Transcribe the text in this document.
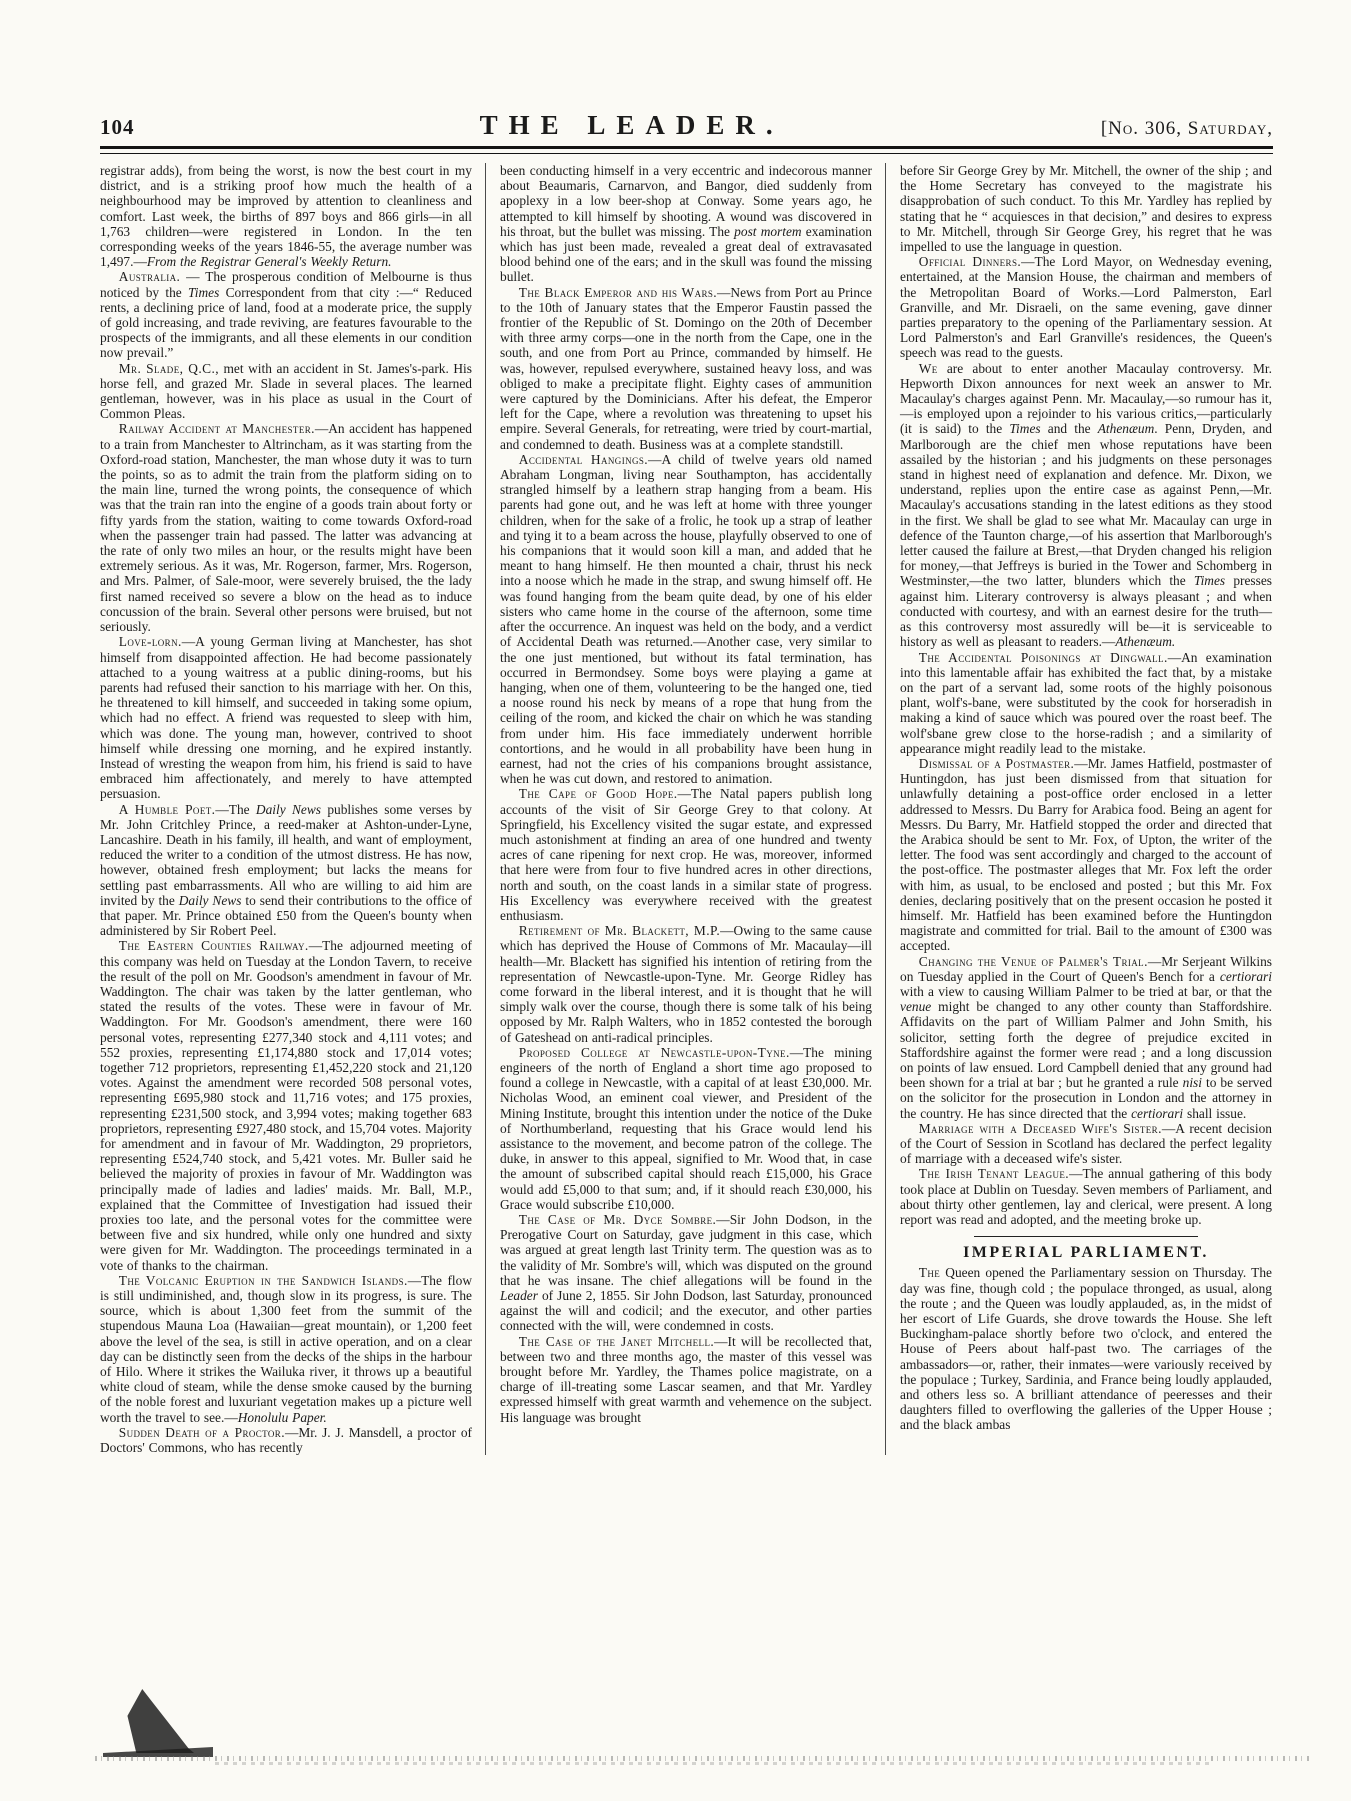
104	THE LEADER.	[No. 306, Saturday,

registrar adds), from being the worst, is now the best court in my district, and is a striking proof how much the health of a neighbourhood may be improved by attention to cleanliness and comfort. Last week, the births of 897 boys and 866 girls—in all 1,763 children—were registered in London. In the ten corresponding weeks of the years 1846-55, the average number was 1,497.—From the Registrar General's Weekly Return.

Australia. — The prosperous condition of Melbourne is thus noticed by the Times Correspondent from that city :—“ Reduced rents, a declining price of land, food at a moderate price, the supply of gold increasing, and trade reviving, are features favourable to the prospects of the immigrants, and all these elements in our condition now prevail.”

Mr. Slade, Q.C., met with an accident in St. James's-park. His horse fell, and grazed Mr. Slade in several places. The learned gentleman, however, was in his place as usual in the Court of Common Pleas.

Railway Accident at Manchester.—An accident has happened to a train from Manchester to Altrincham, as it was starting from the Oxford-road station, Manchester, the man whose duty it was to turn the points, so as to admit the train from the platform siding on to the main line, turned the wrong points, the consequence of which was that the train ran into the engine of a goods train about forty or fifty yards from the station, waiting to come towards Oxford-road when the passenger train had passed. The latter was advancing at the rate of only two miles an hour, or the results might have been extremely serious. As it was, Mr. Rogerson, farmer, Mrs. Rogerson, and Mrs. Palmer, of Sale-moor, were severely bruised, the the lady first named received so severe a blow on the head as to induce concussion of the brain. Several other persons were bruised, but not seriously.

Love-lorn.—A young German living at Manchester, has shot himself from disappointed affection. He had become passionately attached to a young waitress at a public dining-rooms, but his parents had refused their sanction to his marriage with her. On this, he threatened to kill himself, and succeeded in taking some opium, which had no effect. A friend was requested to sleep with him, which was done. The young man, however, contrived to shoot himself while dressing one morning, and he expired instantly. Instead of wresting the weapon from him, his friend is said to have embraced him affectionately, and merely to have attempted persuasion.

A Humble Poet.—The Daily News publishes some verses by Mr. John Critchley Prince, a reed-maker at Ashton-under-Lyne, Lancashire. Death in his family, ill health, and want of employment, reduced the writer to a condition of the utmost distress. He has now, however, obtained fresh employment; but lacks the means for settling past embarrassments. All who are willing to aid him are invited by the Daily News to send their contributions to the office of that paper. Mr. Prince obtained £50 from the Queen's bounty when administered by Sir Robert Peel.

The Eastern Counties Railway.—The adjourned meeting of this company was held on Tuesday at the London Tavern, to receive the result of the poll on Mr. Goodson's amendment in favour of Mr. Waddington. The chair was taken by the latter gentleman, who stated the results of the votes. These were in favour of Mr. Waddington. For Mr. Goodson's amendment, there were 160 personal votes, representing £277,340 stock and 4,111 votes; and 552 proxies, representing £1,174,880 stock and 17,014 votes; together 712 proprietors, representing £1,452,220 stock and 21,120 votes. Against the amendment were recorded 508 personal votes, representing £695,980 stock and 11,716 votes; and 175 proxies, representing £231,500 stock, and 3,994 votes; making together 683 proprietors, representing £927,480 stock, and 15,704 votes. Majority for amendment and in favour of Mr. Waddington, 29 proprietors, representing £524,740 stock, and 5,421 votes. Mr. Buller said he believed the majority of proxies in favour of Mr. Waddington was principally made of ladies and ladies' maids. Mr. Ball, M.P., explained that the Committee of Investigation had issued their proxies too late, and the personal votes for the committee were between five and six hundred, while only one hundred and sixty were given for Mr. Waddington. The proceedings terminated in a vote of thanks to the chairman.

The Volcanic Eruption in the Sandwich Islands.—The flow is still undiminished, and, though slow in its progress, is sure. The source, which is about 1,300 feet from the summit of the stupendous Mauna Loa (Hawaiian—great mountain), or 1,200 feet above the level of the sea, is still in active operation, and on a clear day can be distinctly seen from the decks of the ships in the harbour of Hilo. Where it strikes the Wailuka river, it throws up a beautiful white cloud of steam, while the dense smoke caused by the burning of the noble forest and luxuriant vegetation makes up a picture well worth the travel to see.—Honolulu Paper.

Sudden Death of a Proctor.—Mr. J. J. Mansdell, a proctor of Doctors' Commons, who has recently

been conducting himself in a very eccentric and indecorous manner about Beaumaris, Carnarvon, and Bangor, died suddenly from apoplexy in a low beer-shop at Conway. Some years ago, he attempted to kill himself by shooting. A wound was discovered in his throat, but the bullet was missing. The post mortem examination which has just been made, revealed a great deal of extravasated blood behind one of the ears; and in the skull was found the missing bullet.

The Black Emperor and his Wars.—News from Port au Prince to the 10th of January states that the Emperor Faustin passed the frontier of the Republic of St. Domingo on the 20th of December with three army corps—one in the north from the Cape, one in the south, and one from Port au Prince, commanded by himself. He was, however, repulsed everywhere, sustained heavy loss, and was obliged to make a precipitate flight. Eighty cases of ammunition were captured by the Dominicians. After his defeat, the Emperor left for the Cape, where a revolution was threatening to upset his empire. Several Generals, for retreating, were tried by court-martial, and condemned to death. Business was at a complete standstill.

Accidental Hangings.—A child of twelve years old named Abraham Longman, living near Southampton, has accidentally strangled himself by a leathern strap hanging from a beam. His parents had gone out, and he was left at home with three younger children, when for the sake of a frolic, he took up a strap of leather and tying it to a beam across the house, playfully observed to one of his companions that it would soon kill a man, and added that he meant to hang himself. He then mounted a chair, thrust his neck into a noose which he made in the strap, and swung himself off. He was found hanging from the beam quite dead, by one of his elder sisters who came home in the course of the afternoon, some time after the occurrence. An inquest was held on the body, and a verdict of Accidental Death was returned.—Another case, very similar to the one just mentioned, but without its fatal termination, has occurred in Bermondsey. Some boys were playing a game at hanging, when one of them, volunteering to be the hanged one, tied a noose round his neck by means of a rope that hung from the ceiling of the room, and kicked the chair on which he was standing from under him. His face immediately underwent horrible contortions, and he would in all probability have been hung in earnest, had not the cries of his companions brought assistance, when he was cut down, and restored to animation.

The Cape of Good Hope.—The Natal papers publish long accounts of the visit of Sir George Grey to that colony. At Springfield, his Excellency visited the sugar estate, and expressed much astonishment at finding an area of one hundred and twenty acres of cane ripening for next crop. He was, moreover, informed that here were from four to five hundred acres in other directions, north and south, on the coast lands in a similar state of progress. His Excellency was everywhere received with the greatest enthusiasm.

Retirement of Mr. Blackett, M.P.—Owing to the same cause which has deprived the House of Commons of Mr. Macaulay—ill health—Mr. Blackett has signified his intention of retiring from the representation of Newcastle-upon-Tyne. Mr. George Ridley has come forward in the liberal interest, and it is thought that he will simply walk over the course, though there is some talk of his being opposed by Mr. Ralph Walters, who in 1852 contested the borough of Gateshead on anti-radical principles.

Proposed College at Newcastle-upon-Tyne.—The mining engineers of the north of England a short time ago proposed to found a college in Newcastle, with a capital of at least £30,000. Mr. Nicholas Wood, an eminent coal viewer, and President of the Mining Institute, brought this intention under the notice of the Duke of Northumberland, requesting that his Grace would lend his assistance to the movement, and become patron of the college. The duke, in answer to this appeal, signified to Mr. Wood that, in case the amount of subscribed capital should reach £15,000, his Grace would add £5,000 to that sum; and, if it should reach £30,000, his Grace would subscribe £10,000.

The Case of Mr. Dyce Sombre.—Sir John Dodson, in the Prerogative Court on Saturday, gave judgment in this case, which was argued at great length last Trinity term. The question was as to the validity of Mr. Sombre's will, which was disputed on the ground that he was insane. The chief allegations will be found in the Leader of June 2, 1855. Sir John Dodson, last Saturday, pronounced against the will and codicil; and the executor, and other parties connected with the will, were condemned in costs.

The Case of the Janet Mitchell.—It will be recollected that, between two and three months ago, the master of this vessel was brought before Mr. Yardley, the Thames police magistrate, on a charge of ill-treating some Lascar seamen, and that Mr. Yardley expressed himself with great warmth and vehemence on the subject. His language was brought

before Sir George Grey by Mr. Mitchell, the owner of the ship ; and the Home Secretary has conveyed to the magistrate his disapprobation of such conduct. To this Mr. Yardley has replied by stating that he “ acquiesces in that decision,” and desires to express to Mr. Mitchell, through Sir George Grey, his regret that he was impelled to use the language in question.

Official Dinners.—The Lord Mayor, on Wednesday evening, entertained, at the Mansion House, the chairman and members of the Metropolitan Board of Works.—Lord Palmerston, Earl Granville, and Mr. Disraeli, on the same evening, gave dinner parties preparatory to the opening of the Parliamentary session. At Lord Palmerston's and Earl Granville's residences, the Queen's speech was read to the guests.

We are about to enter another Macaulay controversy. Mr. Hepworth Dixon announces for next week an answer to Mr. Macaulay's charges against Penn. Mr. Macaulay,—so rumour has it,—is employed upon a rejoinder to his various critics,—particularly (it is said) to the Times and the Athenæum. Penn, Dryden, and Marlborough are the chief men whose reputations have been assailed by the historian ; and his judgments on these personages stand in highest need of explanation and defence. Mr. Dixon, we understand, replies upon the entire case as against Penn,—Mr. Macaulay's accusations standing in the latest editions as they stood in the first. We shall be glad to see what Mr. Macaulay can urge in defence of the Taunton charge,—of his assertion that Marlborough's letter caused the failure at Brest,—that Dryden changed his religion for money,—that Jeffreys is buried in the Tower and Schomberg in Westminster,—the two latter, blunders which the Times presses against him. Literary controversy is always pleasant ; and when conducted with courtesy, and with an earnest desire for the truth—as this controversy most assuredly will be—it is serviceable to history as well as pleasant to readers.—Athenæum.

The Accidental Poisonings at Dingwall.—An examination into this lamentable affair has exhibited the fact that, by a mistake on the part of a servant lad, some roots of the highly poisonous plant, wolf's-bane, were substituted by the cook for horseradish in making a kind of sauce which was poured over the roast beef. The wolf'sbane grew close to the horse-radish ; and a similarity of appearance might readily lead to the mistake.

Dismissal of a Postmaster.—Mr. James Hatfield, postmaster of Huntingdon, has just been dismissed from that situation for unlawfully detaining a post-office order enclosed in a letter addressed to Messrs. Du Barry for Arabica food. Being an agent for Messrs. Du Barry, Mr. Hatfield stopped the order and directed that the Arabica should be sent to Mr. Fox, of Upton, the writer of the letter. The food was sent accordingly and charged to the account of the post-office. The postmaster alleges that Mr. Fox left the order with him, as usual, to be enclosed and posted ; but this Mr. Fox denies, declaring positively that on the present occasion he posted it himself. Mr. Hatfield has been examined before the Huntingdon magistrate and committed for trial. Bail to the amount of £300 was accepted.

Changing the Venue of Palmer's Trial.—Mr Serjeant Wilkins on Tuesday applied in the Court of Queen's Bench for a certiorari with a view to causing William Palmer to be tried at bar, or that the venue might be changed to any other county than Staffordshire. Affidavits on the part of William Palmer and John Smith, his solicitor, setting forth the degree of prejudice excited in Staffordshire against the former were read ; and a long discussion on points of law ensued. Lord Campbell denied that any ground had been shown for a trial at bar ; but he granted a rule nisi to be served on the solicitor for the prosecution in London and the attorney in the country. He has since directed that the certiorari shall issue.

Marriage with a Deceased Wife's Sister.—A recent decision of the Court of Session in Scotland has declared the perfect legality of marriage with a deceased wife's sister.

The Irish Tenant League.—The annual gathering of this body took place at Dublin on Tuesday. Seven members of Parliament, and about thirty other gentlemen, lay and clerical, were present. A long report was read and adopted, and the meeting broke up.

IMPERIAL PARLIAMENT.

The Queen opened the Parliamentary session on Thursday. The day was fine, though cold ; the populace thronged, as usual, along the route ; and the Queen was loudly applauded, as, in the midst of her escort of Life Guards, she drove towards the House. She left Buckingham-palace shortly before two o'clock, and entered the House of Peers about half-past two. The carriages of the ambassadors—or, rather, their inmates—were variously received by the populace ; Turkey, Sardinia, and France being loudly applauded, and others less so. A brilliant attendance of peeresses and their daughters filled to overflowing the galleries of the Upper House ; and the black ambas
